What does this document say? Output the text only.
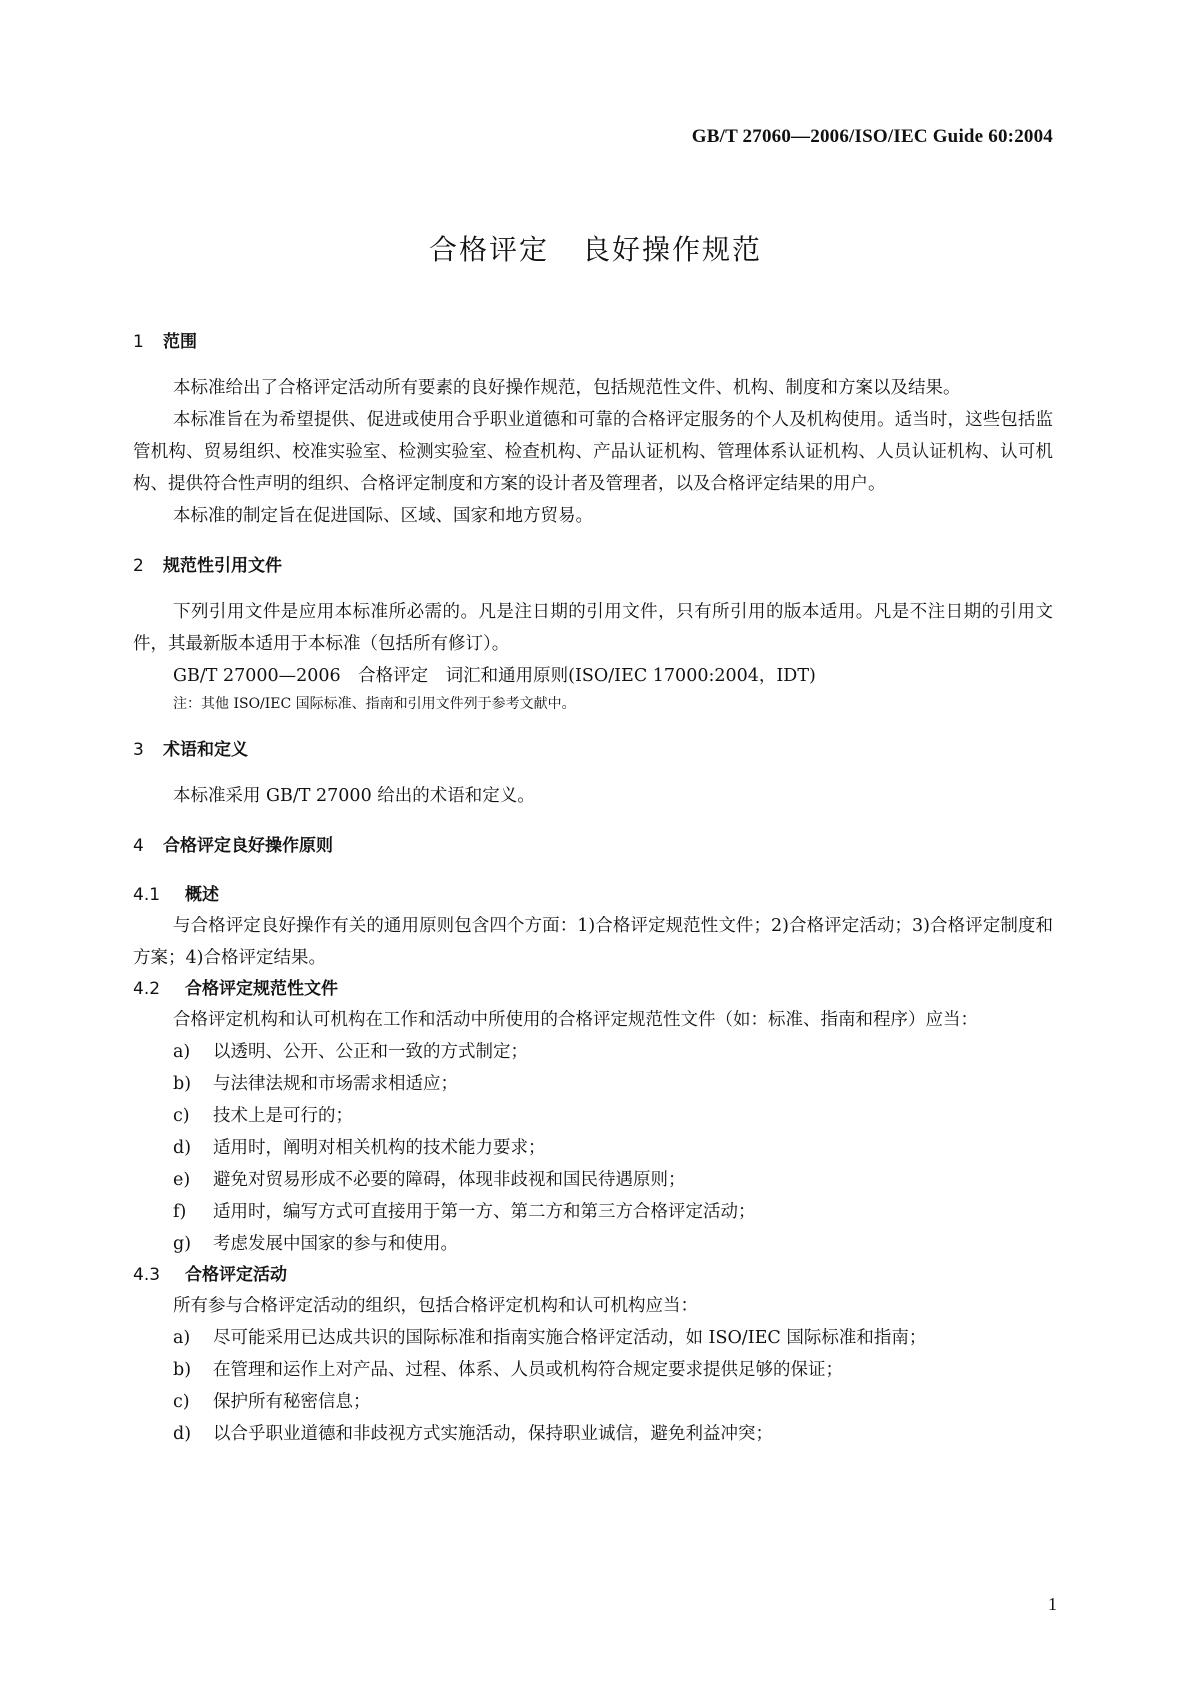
GB/T 27060—2006/ISO/IEC Guide 60:2004
合格评定 良好操作规范
1 范围

本标准给出了合格评定活动所有要素的良好操作规范，包括规范性文件、机构、制度和方案以及结果。

本标准旨在为希望提供、促进或使用合乎职业道德和可靠的合格评定服务的个人及机构使用。适当时，这些包括监管机构、贸易组织、校准实验室、检测实验室、检查机构、产品认证机构、管理体系认证机构、人员认证机构、认可机构、提供符合性声明的组织、合格评定制度和方案的设计者及管理者，以及合格评定结果的用户。

本标准的制定旨在促进国际、区域、国家和地方贸易。

2 规范性引用文件

下列引用文件是应用本标准所必需的。凡是注日期的引用文件，只有所引用的版本适用。凡是不注日期的引用文件，其最新版本适用于本标准（包括所有修订）。

GB/T 27000—2006　合格评定　词汇和通用原则(ISO/IEC 17000:2004，IDT)

注：其他 ISO/IEC 国际标准、指南和引用文件列于参考文献中。

3 术语和定义

本标准采用 GB/T 27000 给出的术语和定义。

4 合格评定良好操作原则
4.1 概述

与合格评定良好操作有关的通用原则包含四个方面：1)合格评定规范性文件；2)合格评定活动；3)合格评定制度和方案；4)合格评定结果。

4.2 合格评定规范性文件

合格评定机构和认可机构在工作和活动中所使用的合格评定规范性文件（如：标准、指南和程序）应当：

a)	以透明、公开、公正和一致的方式制定；
b)	与法律法规和市场需求相适应；
c)	技术上是可行的；
d)	适用时，阐明对相关机构的技术能力要求；
e)	避免对贸易形成不必要的障碍，体现非歧视和国民待遇原则；
f)	适用时，编写方式可直接用于第一方、第二方和第三方合格评定活动；
g)	考虑发展中国家的参与和使用。
4.3 合格评定活动

所有参与合格评定活动的组织，包括合格评定机构和认可机构应当：

a)	尽可能采用已达成共识的国际标准和指南实施合格评定活动，如 ISO/IEC 国际标准和指南；
b)	在管理和运作上对产品、过程、体系、人员或机构符合规定要求提供足够的保证；
c)	保护所有秘密信息；
d)	以合乎职业道德和非歧视方式实施活动，保持职业诚信，避免利益冲突；
1
